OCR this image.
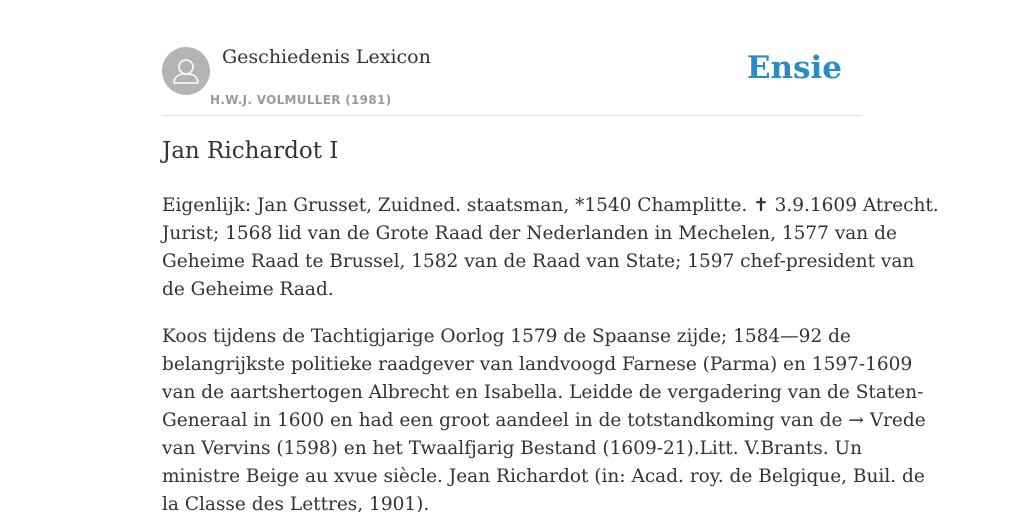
Geschiedenis Lexicon
H.W.J. VOLMULLER (1981)
Ensie
Jan Richardot I

Eigenlijk: Jan Grusset, Zuidned. staatsman, *1540 Champlitte. ✝ 3.9.1609 Atrecht.
Jurist; 1568 lid van de Grote Raad der Nederlanden in Mechelen, 1577 van de
Geheime Raad te Brussel, 1582 van de Raad van State; 1597 chef-president van
de Geheime Raad.

Koos tijdens de Tachtigjarige Oorlog 1579 de Spaanse zijde; 1584—92 de
belangrijkste politieke raadgever van landvoogd Farnese (Parma) en 1597-1609
van de aartshertogen Albrecht en Isabella. Leidde de vergadering van de Staten-
Generaal in 1600 en had een groot aandeel in de totstandkoming van de → Vrede
van Vervins (1598) en het Twaalfjarig Bestand (1609-21).Litt. V.Brants. Un
ministre Beige au xvue siècle. Jean Richardot (in: Acad. roy. de Belgique, Buil. de
la Classe des Lettres, 1901).
